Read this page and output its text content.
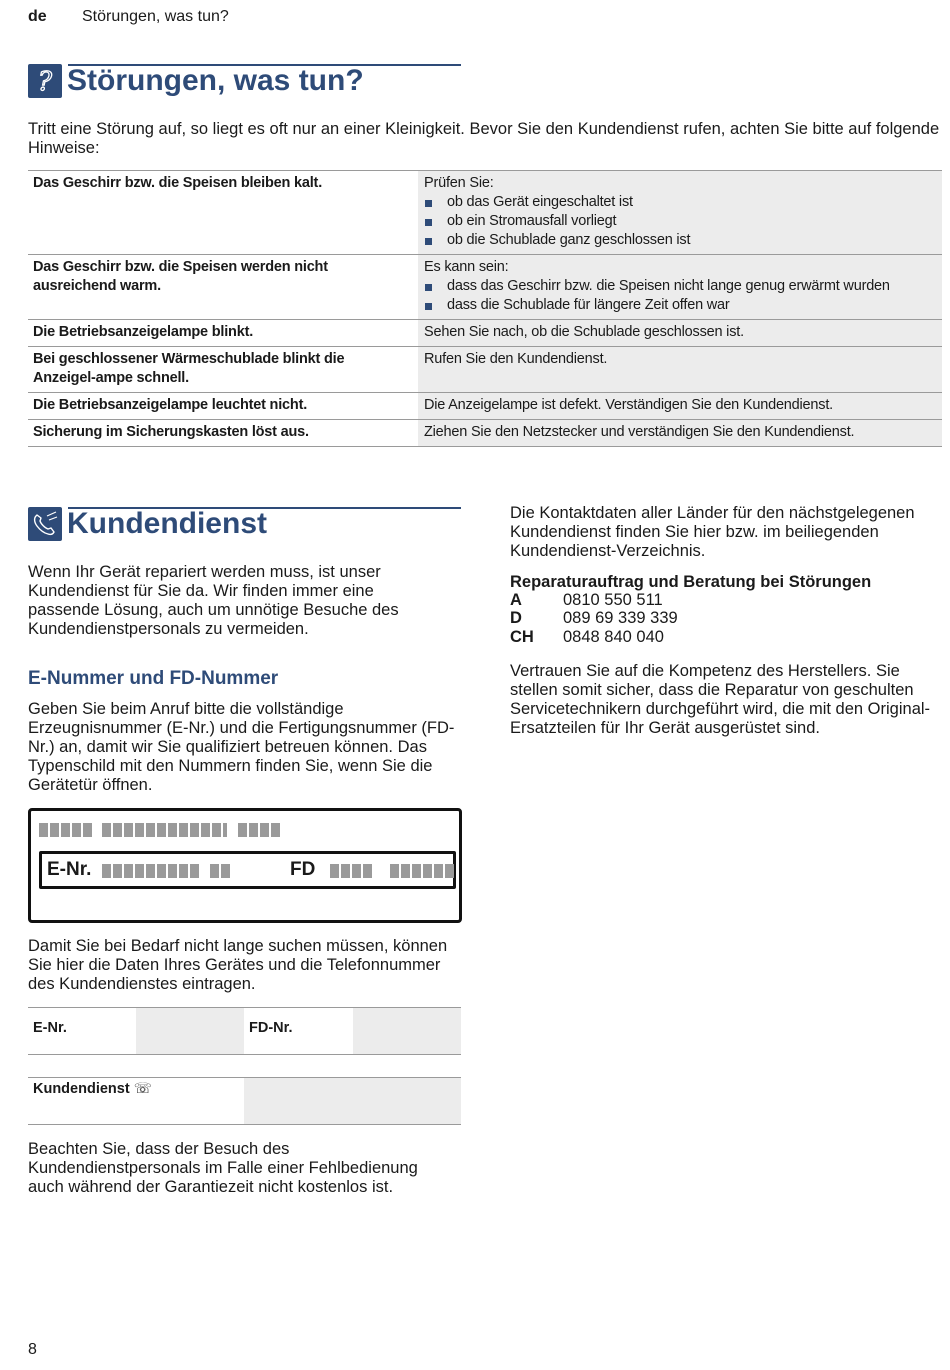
de Störungen, was tun?
? Störungen, was tun?
Tritt eine Störung auf, so liegt es oft nur an einer Kleinigkeit. Bevor Sie den Kundendienst rufen, achten Sie bitte auf folgende Hinweise:
Das Geschirr bzw. die Speisen bleiben kalt.		Prüfen Sie:
ob das Gerät eingeschaltet ist
ob ein Stromausfall vorliegt
ob die Schublade ganz geschlossen ist

Das Geschirr bzw. die Speisen werden nicht ausreichend warm.		Es kann sein:
dass das Geschirr bzw. die Speisen nicht lange genug erwärmt wurden
dass die Schublade für längere Zeit offen war

Die Betriebsanzeigelampe blinkt.		Sehen Sie nach, ob die Schublade geschlossen ist.
Bei geschlossener Wärmeschublade blinkt die Anzeigel-ampe schnell.		Rufen Sie den Kundendienst.
Die Betriebsanzeigelampe leuchtet nicht.		Die Anzeigelampe ist defekt. Verständigen Sie den Kundendienst.
Sicherung im Sicherungskasten löst aus.		Ziehen Sie den Netzstecker und verständigen Sie den Kundendienst.
Kundendienst
Wenn Ihr Gerät repariert werden muss, ist unser Kundendienst für Sie da. Wir finden immer eine passende Lösung, auch um unnötige Besuche des Kundendienstpersonals zu vermeiden.
E-Nummer und FD-Nummer
Geben Sie beim Anruf bitte die vollständige Erzeugnisnummer (E-Nr.) und die Fertigungsnummer (FD-Nr.) an, damit wir Sie qualifiziert betreuen können. Das Typenschild mit den Nummern finden Sie, wenn Sie die Gerätetür öffnen.

E-Nr.	FD
Damit Sie bei Bedarf nicht lange suchen müssen, können Sie hier die Daten Ihres Gerätes und die Telefonnummer des Kundendienstes eintragen.
E-Nr.	FD-Nr.
Kundendienst ☏
Beachten Sie, dass der Besuch des Kundendienstpersonals im Falle einer Fehlbedienung auch während der Garantiezeit nicht kostenlos ist.
Die Kontaktdaten aller Länder für den nächstgelegenen Kundendienst finden Sie hier bzw. im beiliegenden Kundendienst-Verzeichnis.
Reparaturauftrag und Beratung bei Störungen
A 0810 550 511
D 089 69 339 339
CH 0848 840 040
Vertrauen Sie auf die Kompetenz des Herstellers. Sie stellen somit sicher, dass die Reparatur von geschulten Servicetechnikern durchgeführt wird, die mit den Original-Ersatzteilen für Ihr Gerät ausgerüstet sind.
8
